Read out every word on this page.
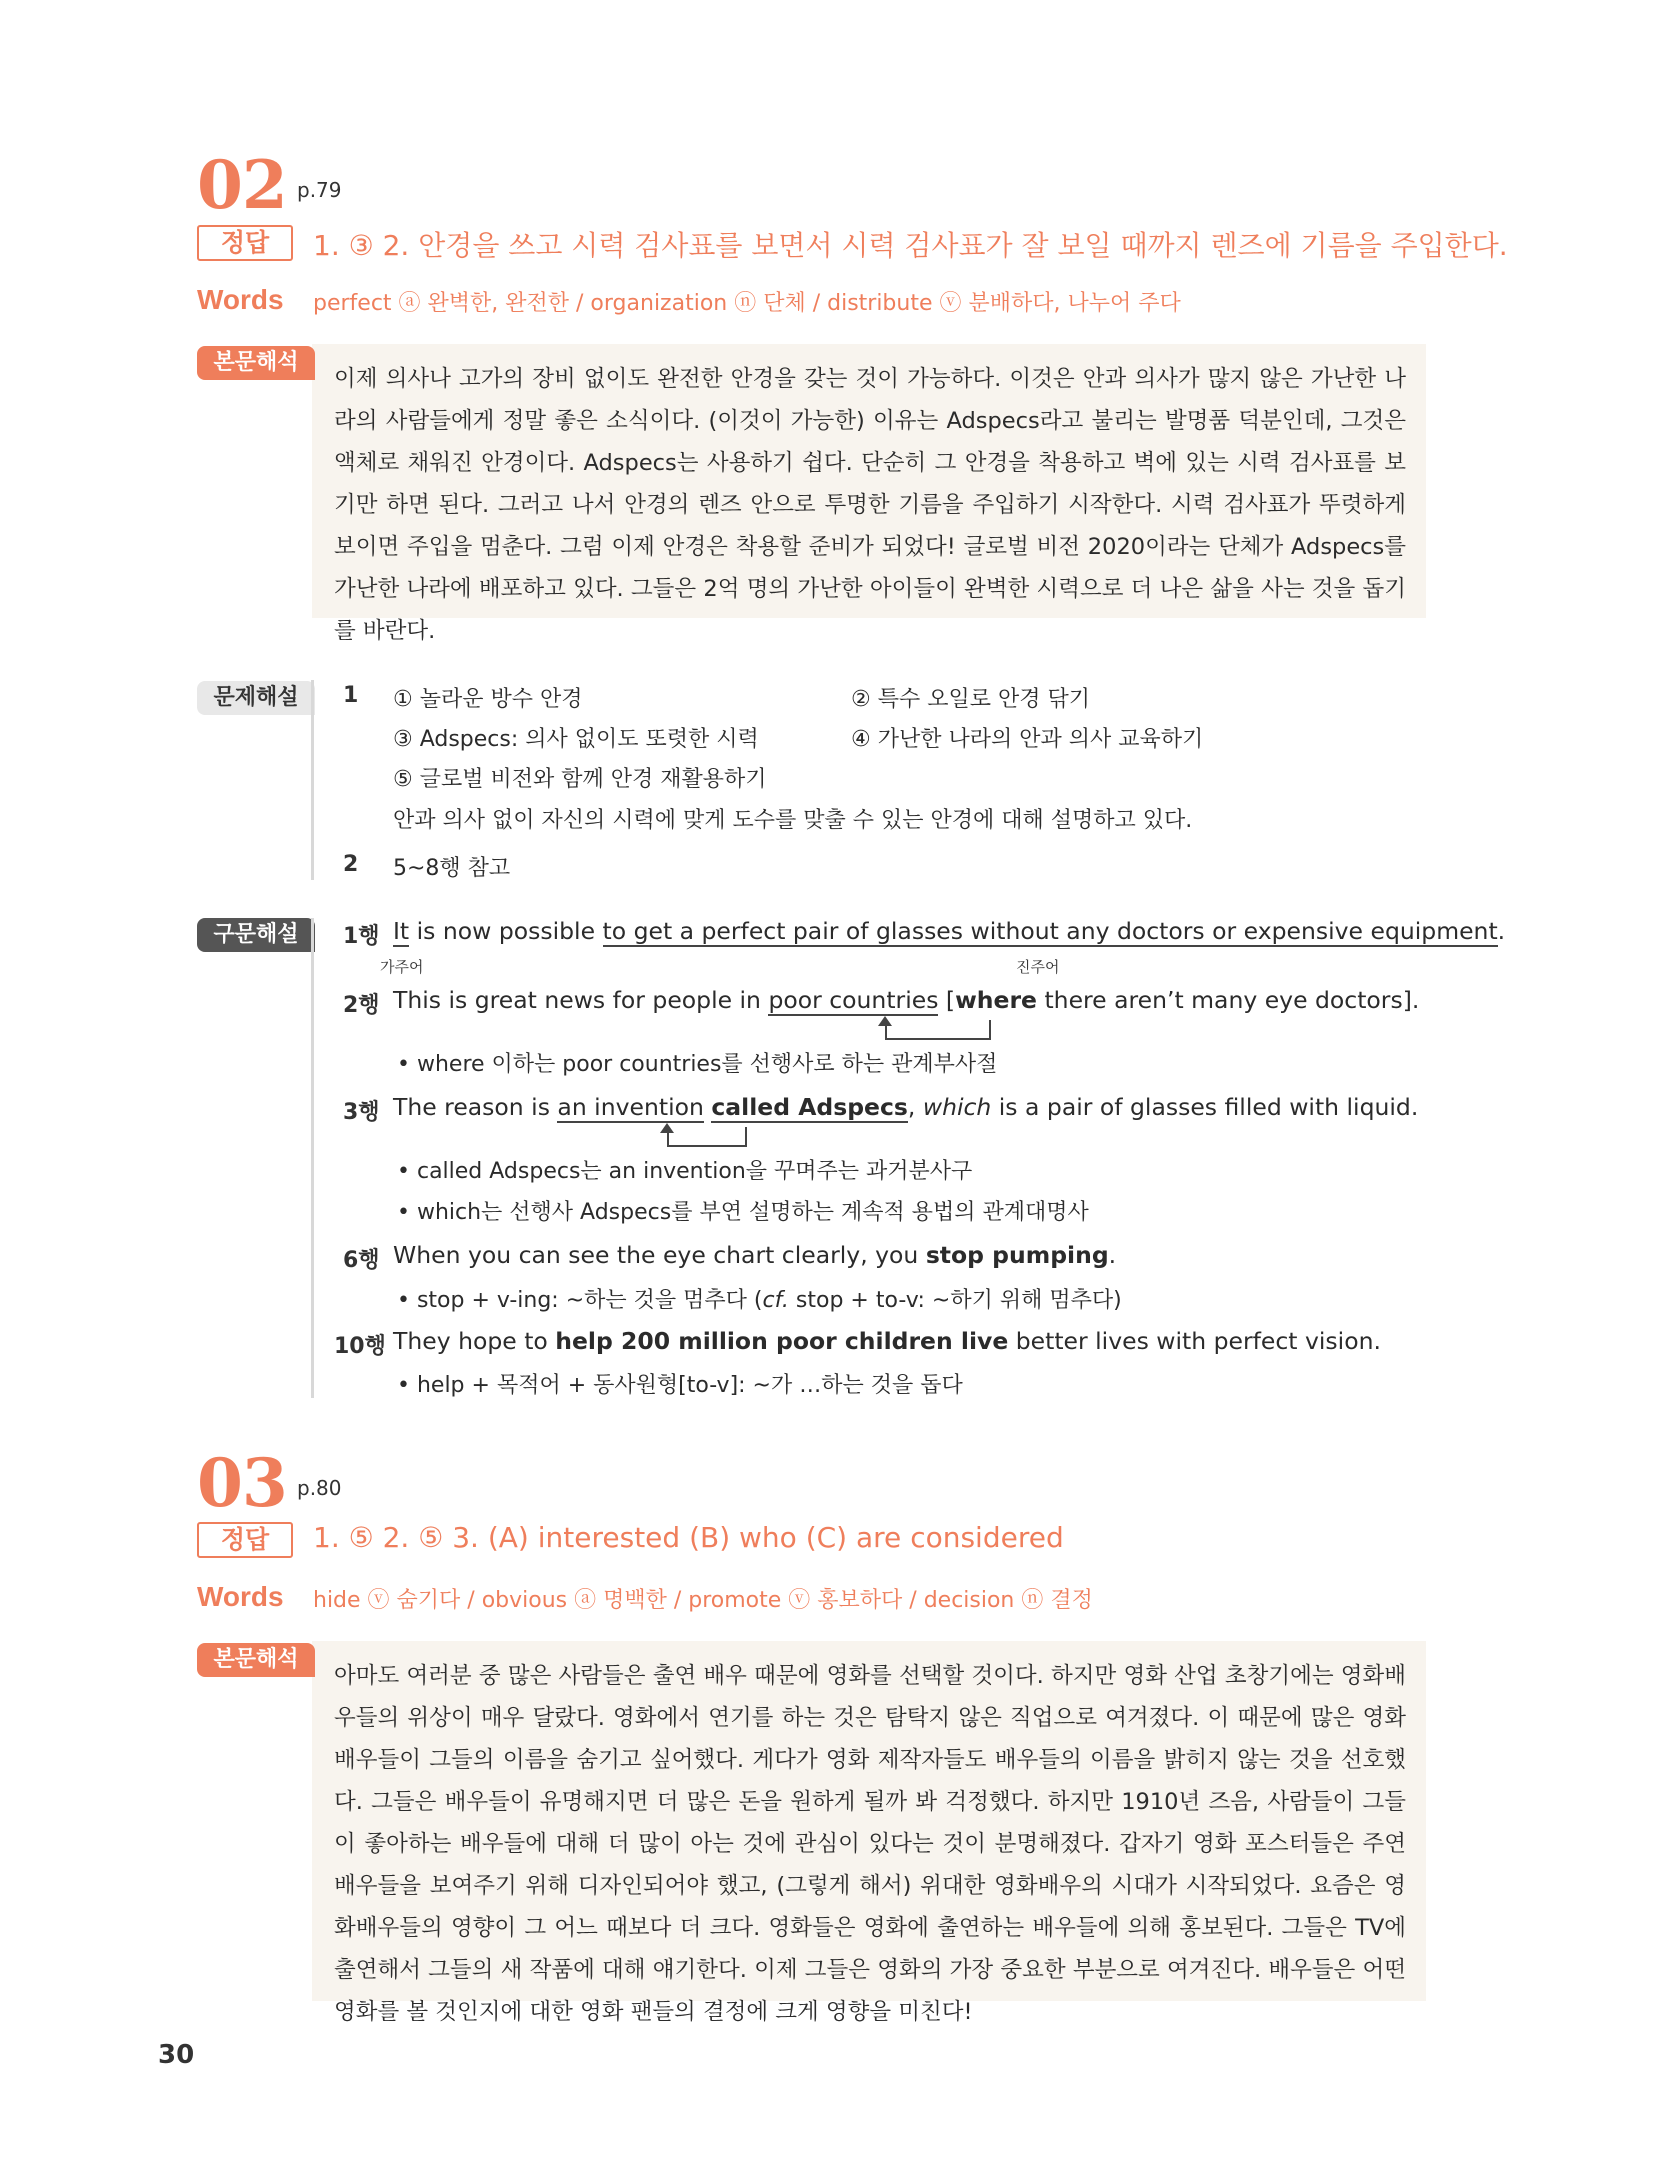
02 p.79
정답	1. ③ 2. 안경을 쓰고 시력 검사표를 보면서 시력 검사표가 잘 보일 때까지 렌즈에 기름을 주입한다.
Words perfect ⓐ 완벽한, 완전한 / organization ⓝ 단체 / distribute ⓥ 분배하다, 나누어 주다
이제 의사나 고가의 장비 없이도 완전한 안경을 갖는 것이 가능하다. 이것은 안과 의사가 많지 않은 가난한 나라의 사람들에게 정말 좋은 소식이다. (이것이 가능한) 이유는 Adspecs라고 불리는 발명품 덕분인데, 그것은 액체로 채워진 안경이다. Adspecs는 사용하기 쉽다. 단순히 그 안경을 착용하고 벽에 있는 시력 검사표를 보기만 하면 된다. 그러고 나서 안경의 렌즈 안으로 투명한 기름을 주입하기 시작한다. 시력 검사표가 뚜렷하게 보이면 주입을 멈춘다. 그럼 이제 안경은 착용할 준비가 되었다! 글로벌 비전 2020이라는 단체가 Adspecs를 가난한 나라에 배포하고 있다. 그들은 2억 명의 가난한 아이들이 완벽한 시력으로 더 나은 삶을 사는 것을 돕기를 바란다.
본문해석
문제해설	1 ① 놀라운 방수 안경	② 특수 오일로 안경 닦기
③ Adspecs: 의사 없이도 또렷한 시력	④ 가난한 나라의 안과 의사 교육하기
⑤ 글로벌 비전와 함께 안경 재활용하기
안과 의사 없이 자신의 시력에 맞게 도수를 맞출 수 있는 안경에 대해 설명하고 있다.
2 5~8행 참고
구문해설	1행 It is now possible to get a perfect pair of glasses without any doctors or expensive equipment.
가주어	진주어
2행 This is great news for people in poor countries [where there aren’t many eye doctors].
• where 이하는 poor countries를 선행사로 하는 관계부사절
3행 The reason is an invention called Adspecs, which is a pair of glasses filled with liquid.
• called Adspecs는 an invention을 꾸며주는 과거분사구
• which는 선행사 Adspecs를 부연 설명하는 계속적 용법의 관계대명사
6행 When you can see the eye chart clearly, you stop pumping.
• stop + v-ing: ~하는 것을 멈추다 (cf. stop + to-v: ~하기 위해 멈추다)
10행 They hope to help 200 million poor children live better lives with perfect vision.
• help + 목적어 + 동사원형[to-v]: ~가 …하는 것을 돕다
03 p.80
정답	1. ⑤ 2. ⑤ 3. (A) interested (B) who (C) are considered
Words hide ⓥ 숨기다 / obvious ⓐ 명백한 / promote ⓥ 홍보하다 / decision ⓝ 결정
아마도 여러분 중 많은 사람들은 출연 배우 때문에 영화를 선택할 것이다. 하지만 영화 산업 초창기에는 영화배우들의 위상이 매우 달랐다. 영화에서 연기를 하는 것은 탐탁지 않은 직업으로 여겨졌다. 이 때문에 많은 영화배우들이 그들의 이름을 숨기고 싶어했다. 게다가 영화 제작자들도 배우들의 이름을 밝히지 않는 것을 선호했다. 그들은 배우들이 유명해지면 더 많은 돈을 원하게 될까 봐 걱정했다. 하지만 1910년 즈음, 사람들이 그들이 좋아하는 배우들에 대해 더 많이 아는 것에 관심이 있다는 것이 분명해졌다. 갑자기 영화 포스터들은 주연 배우들을 보여주기 위해 디자인되어야 했고, (그렇게 해서) 위대한 영화배우의 시대가 시작되었다. 요즘은 영화배우들의 영향이 그 어느 때보다 더 크다. 영화들은 영화에 출연하는 배우들에 의해 홍보된다. 그들은 TV에 출연해서 그들의 새 작품에 대해 얘기한다. 이제 그들은 영화의 가장 중요한 부분으로 여겨진다. 배우들은 어떤 영화를 볼 것인지에 대한 영화 팬들의 결정에 크게 영향을 미친다!
본문해석
30
